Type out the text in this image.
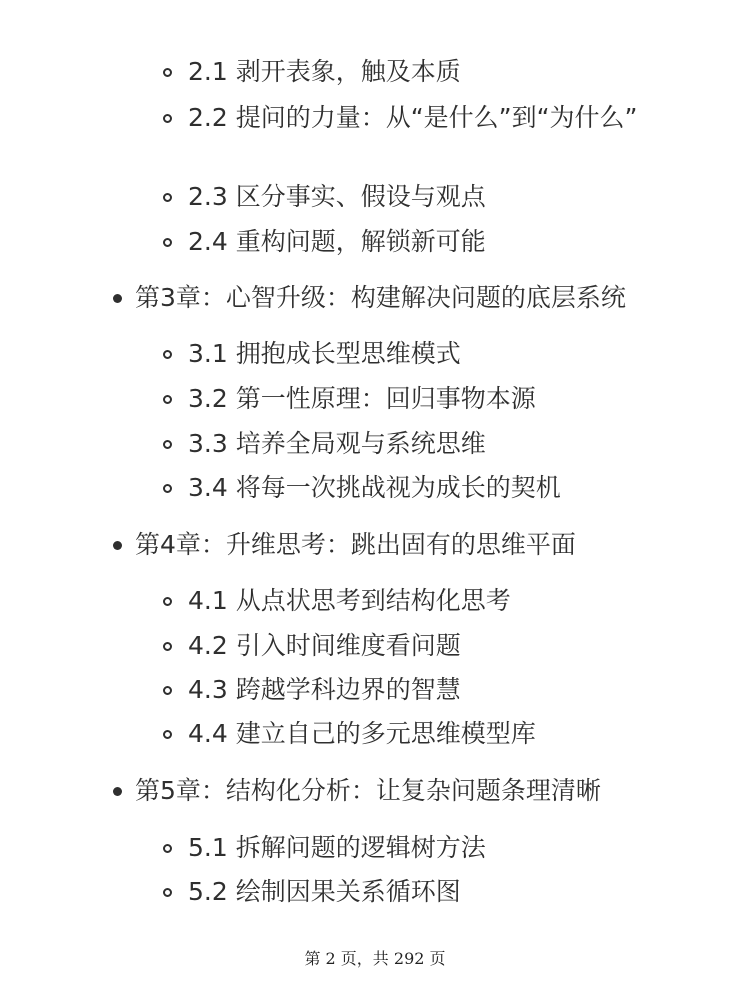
2.1 剥开表象，触及本质
2.2 提问的力量：从“是什么”到“为什么”
2.3 区分事实、假设与观点
2.4 重构问题，解锁新可能
第3章：心智升级：构建解决问题的底层系统
3.1 拥抱成长型思维模式
3.2 第一性原理：回归事物本源
3.3 培养全局观与系统思维
3.4 将每一次挑战视为成长的契机
第4章：升维思考：跳出固有的思维平面
4.1 从点状思考到结构化思考
4.2 引入时间维度看问题
4.3 跨越学科边界的智慧
4.4 建立自己的多元思维模型库
第5章：结构化分析：让复杂问题条理清晰
5.1 拆解问题的逻辑树方法
5.2 绘制因果关系循环图
第 2 页，共 292 页
